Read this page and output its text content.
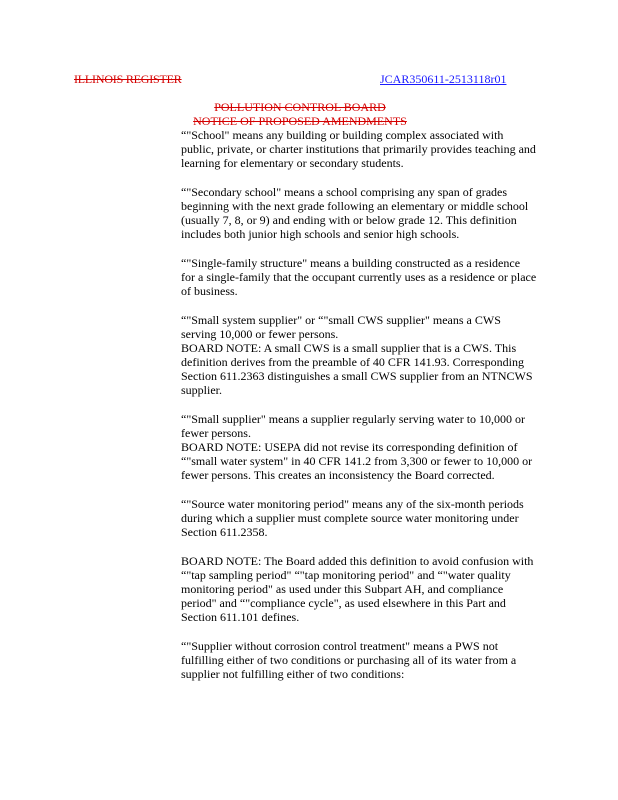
ILLINOIS REGISTER	JCAR350611-2513118r01
POLLUTION CONTROL BOARD
NOTICE OF PROPOSED AMENDMENTS
“"School" means any building or building complex associated with
public, private, or charter institutions that primarily provides teaching and
learning for elementary or secondary students.
“"Secondary school" means a school comprising any span of grades
beginning with the next grade following an elementary or middle school
(usually 7, 8, or 9) and ending with or below grade 12. This definition
includes both junior high schools and senior high schools.
“"Single-family structure" means a building constructed as a residence
for a single-family that the occupant currently uses as a residence or place
of business.
“"Small system supplier" or “"small CWS supplier" means a CWS
serving 10,000 or fewer persons.
BOARD NOTE: A small CWS is a small supplier that is a CWS. This
definition derives from the preamble of 40 CFR 141.93. Corresponding
Section 611.2363 distinguishes a small CWS supplier from an NTNCWS
supplier.
“"Small supplier" means a supplier regularly serving water to 10,000 or
fewer persons.
BOARD NOTE: USEPA did not revise its corresponding definition of
“"small water system" in 40 CFR 141.2 from 3,300 or fewer to 10,000 or
fewer persons. This creates an inconsistency the Board corrected.
“"Source water monitoring period" means any of the six-month periods
during which a supplier must complete source water monitoring under
Section 611.2358.
BOARD NOTE: The Board added this definition to avoid confusion with
“"tap sampling period" “"tap monitoring period" and “"water quality
monitoring period" as used under this Subpart AH, and compliance
period" and “"compliance cycle", as used elsewhere in this Part and
Section 611.101 defines.
“"Supplier without corrosion control treatment" means a PWS not
fulfilling either of two conditions or purchasing all of its water from a
supplier not fulfilling either of two conditions:
